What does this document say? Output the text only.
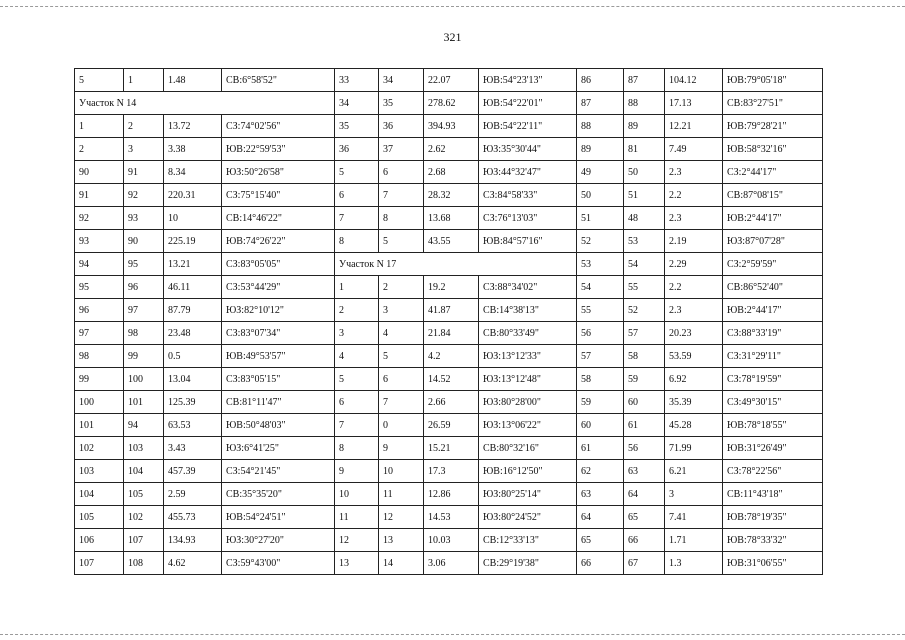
321
5	1	1.48	СВ:6°58'52"	33	34	22.07	ЮВ:54°23'13"	86	87	104.12	ЮВ:79°05'18"
Участок N 14				34	35	278.62	ЮВ:54°22'01"	87	88	17.13	СВ:83°27'51"
1	2	13.72	СЗ:74°02'56"	35	36	394.93	ЮВ:54°22'11"	88	89	12.21	ЮВ:79°28'21"
2	3	3.38	ЮВ:22°59'53"	36	37	2.62	ЮЗ:35°30'44"	89	81	7.49	ЮВ:58°32'16"
90	91	8.34	ЮЗ:50°26'58"	5	6	2.68	ЮЗ:44°32'47"	49	50	2.3	СЗ:2°44'17"
91	92	220.31	СЗ:75°15'40"	6	7	28.32	СЗ:84°58'33"	50	51	2.2	СВ:87°08'15"
92	93	10	СВ:14°46'22"	7	8	13.68	СЗ:76°13'03"	51	48	2.3	ЮВ:2°44'17"
93	90	225.19	ЮВ:74°26'22"	8	5	43.55	ЮВ:84°57'16"	52	53	2.19	ЮЗ:87°07'28"
94	95	13.21	СЗ:83°05'05"	Участок N 17				53	54	2.29	СЗ:2°59'59"
95	96	46.11	СЗ:53°44'29"	1	2	19.2	СЗ:88°34'02"	54	55	2.2	СВ:86°52'40"
96	97	87.79	ЮЗ:82°10'12"	2	3	41.87	СВ:14°38'13"	55	52	2.3	ЮВ:2°44'17"
97	98	23.48	СЗ:83°07'34"	3	4	21.84	СВ:80°33'49"	56	57	20.23	СЗ:88°33'19"
98	99	0.5	ЮВ:49°53'57"	4	5	4.2	ЮЗ:13°12'33"	57	58	53.59	СЗ:31°29'11"
99	100	13.04	СЗ:83°05'15"	5	6	14.52	ЮЗ:13°12'48"	58	59	6.92	СЗ:78°19'59"
100	101	125.39	СВ:81°11'47"	6	7	2.66	ЮЗ:80°28'00"	59	60	35.39	СЗ:49°30'15"
101	94	63.53	ЮВ:50°48'03"	7	0	26.59	ЮЗ:13°06'22"	60	61	45.28	ЮВ:78°18'55"
102	103	3.43	ЮЗ:6°41'25"	8	9	15.21	СВ:80°32'16"	61	56	71.99	ЮВ:31°26'49"
103	104	457.39	СЗ:54°21'45"	9	10	17.3	ЮВ:16°12'50"	62	63	6.21	СЗ:78°22'56"
104	105	2.59	СВ:35°35'20"	10	11	12.86	ЮЗ:80°25'14"	63	64	3	СВ:11°43'18"
105	102	455.73	ЮВ:54°24'51"	11	12	14.53	ЮЗ:80°24'52"	64	65	7.41	ЮВ:78°19'35"
106	107	134.93	ЮЗ:30°27'20"	12	13	10.03	СВ:12°33'13"	65	66	1.71	ЮВ:78°33'32"
107	108	4.62	СЗ:59°43'00"	13	14	3.06	СВ:29°19'38"	66	67	1.3	ЮВ:31°06'55"
